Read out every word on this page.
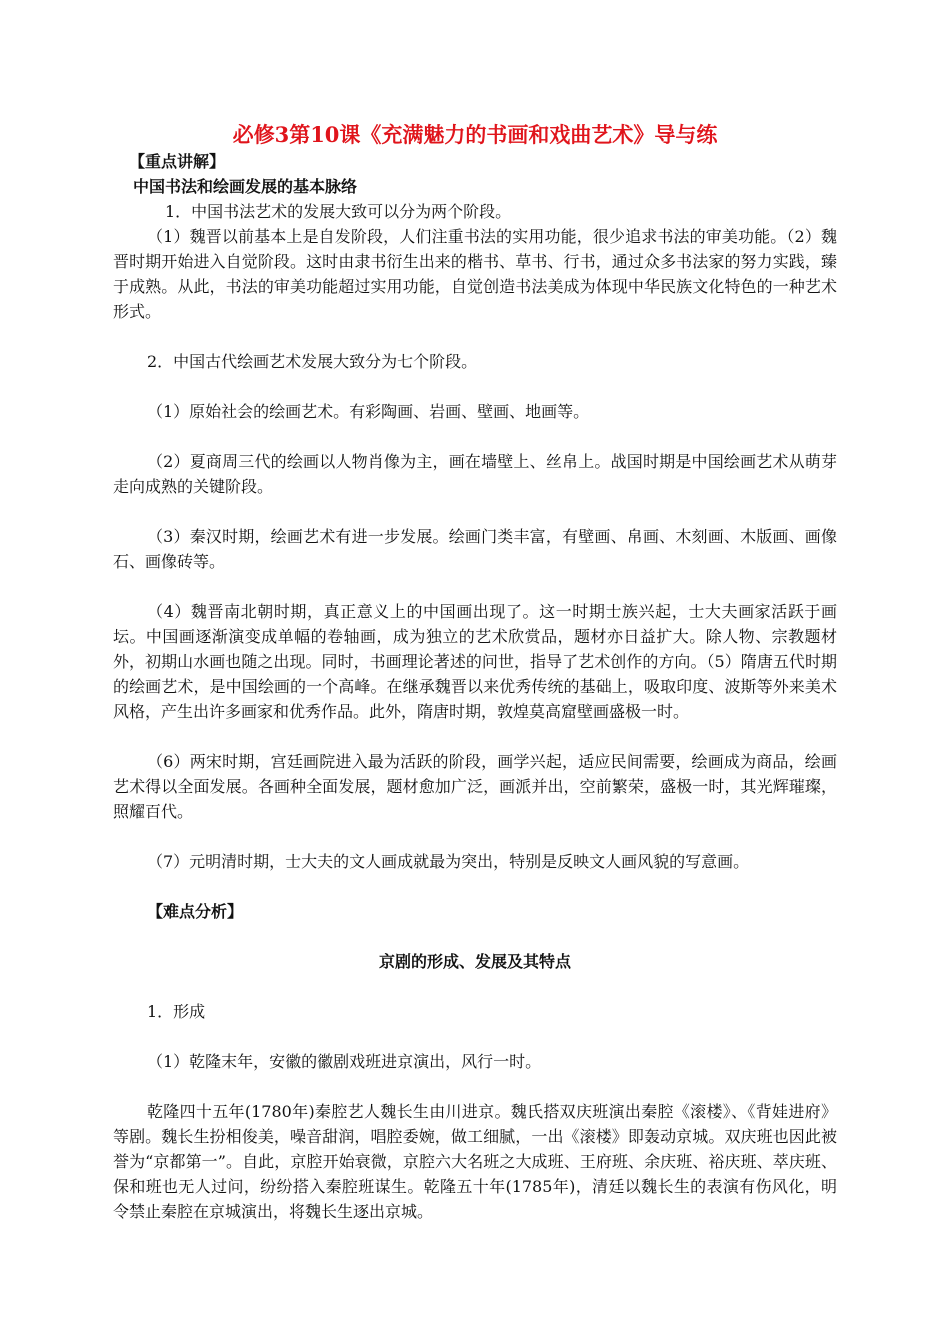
必修3第10课《充满魅力的书画和戏曲艺术》导与练

【重点讲解】

中国书法和绘画发展的基本脉络

1．中国书法艺术的发展大致可以分为两个阶段。

（1）魏晋以前基本上是自发阶段，人们注重书法的实用功能，很少追求书法的审美功能。（2）魏晋时期开始进入自觉阶段。这时由隶书衍生出来的楷书、草书、行书，通过众多书法家的努力实践，臻于成熟。从此，书法的审美功能超过实用功能，自觉创造书法美成为体现中华民族文化特色的一种艺术形式。

2．中国古代绘画艺术发展大致分为七个阶段。

（1）原始社会的绘画艺术。有彩陶画、岩画、壁画、地画等。

（2）夏商周三代的绘画以人物肖像为主，画在墙壁上、丝帛上。战国时期是中国绘画艺术从萌芽走向成熟的关键阶段。

（3）秦汉时期，绘画艺术有进一步发展。绘画门类丰富，有壁画、帛画、木刻画、木版画、画像石、画像砖等。

（4）魏晋南北朝时期，真正意义上的中国画出现了。这一时期士族兴起，士大夫画家活跃于画坛。中国画逐渐演变成单幅的卷轴画，成为独立的艺术欣赏品，题材亦日益扩大。除人物、宗教题材外，初期山水画也随之出现。同时，书画理论著述的问世，指导了艺术创作的方向。（5）隋唐五代时期的绘画艺术，是中国绘画的一个高峰。在继承魏晋以来优秀传统的基础上，吸取印度、波斯等外来美术风格，产生出许多画家和优秀作品。此外，隋唐时期，敦煌莫高窟壁画盛极一时。

（6）两宋时期，宫廷画院进入最为活跃的阶段，画学兴起，适应民间需要，绘画成为商品，绘画艺术得以全面发展。各画种全面发展，题材愈加广泛，画派并出，空前繁荣，盛极一时，其光辉璀璨，照耀百代。

（7）元明清时期，士大夫的文人画成就最为突出，特别是反映文人画风貌的写意画。

【难点分析】

京剧的形成、发展及其特点

1．形成

（1）乾隆末年，安徽的徽剧戏班进京演出，风行一时。

乾隆四十五年(1780年)秦腔艺人魏长生由川进京。魏氏搭双庆班演出秦腔《滚楼》、《背娃进府》等剧。魏长生扮相俊美，噪音甜润，唱腔委婉，做工细腻，一出《滚楼》即轰动京城。双庆班也因此被誉为“京都第一”。自此，京腔开始衰微，京腔六大名班之大成班、王府班、余庆班、裕庆班、萃庆班、保和班也无人过问，纷纷搭入秦腔班谋生。乾隆五十年(1785年)，清廷以魏长生的表演有伤风化，明令禁止秦腔在京城演出，将魏长生逐出京城。
